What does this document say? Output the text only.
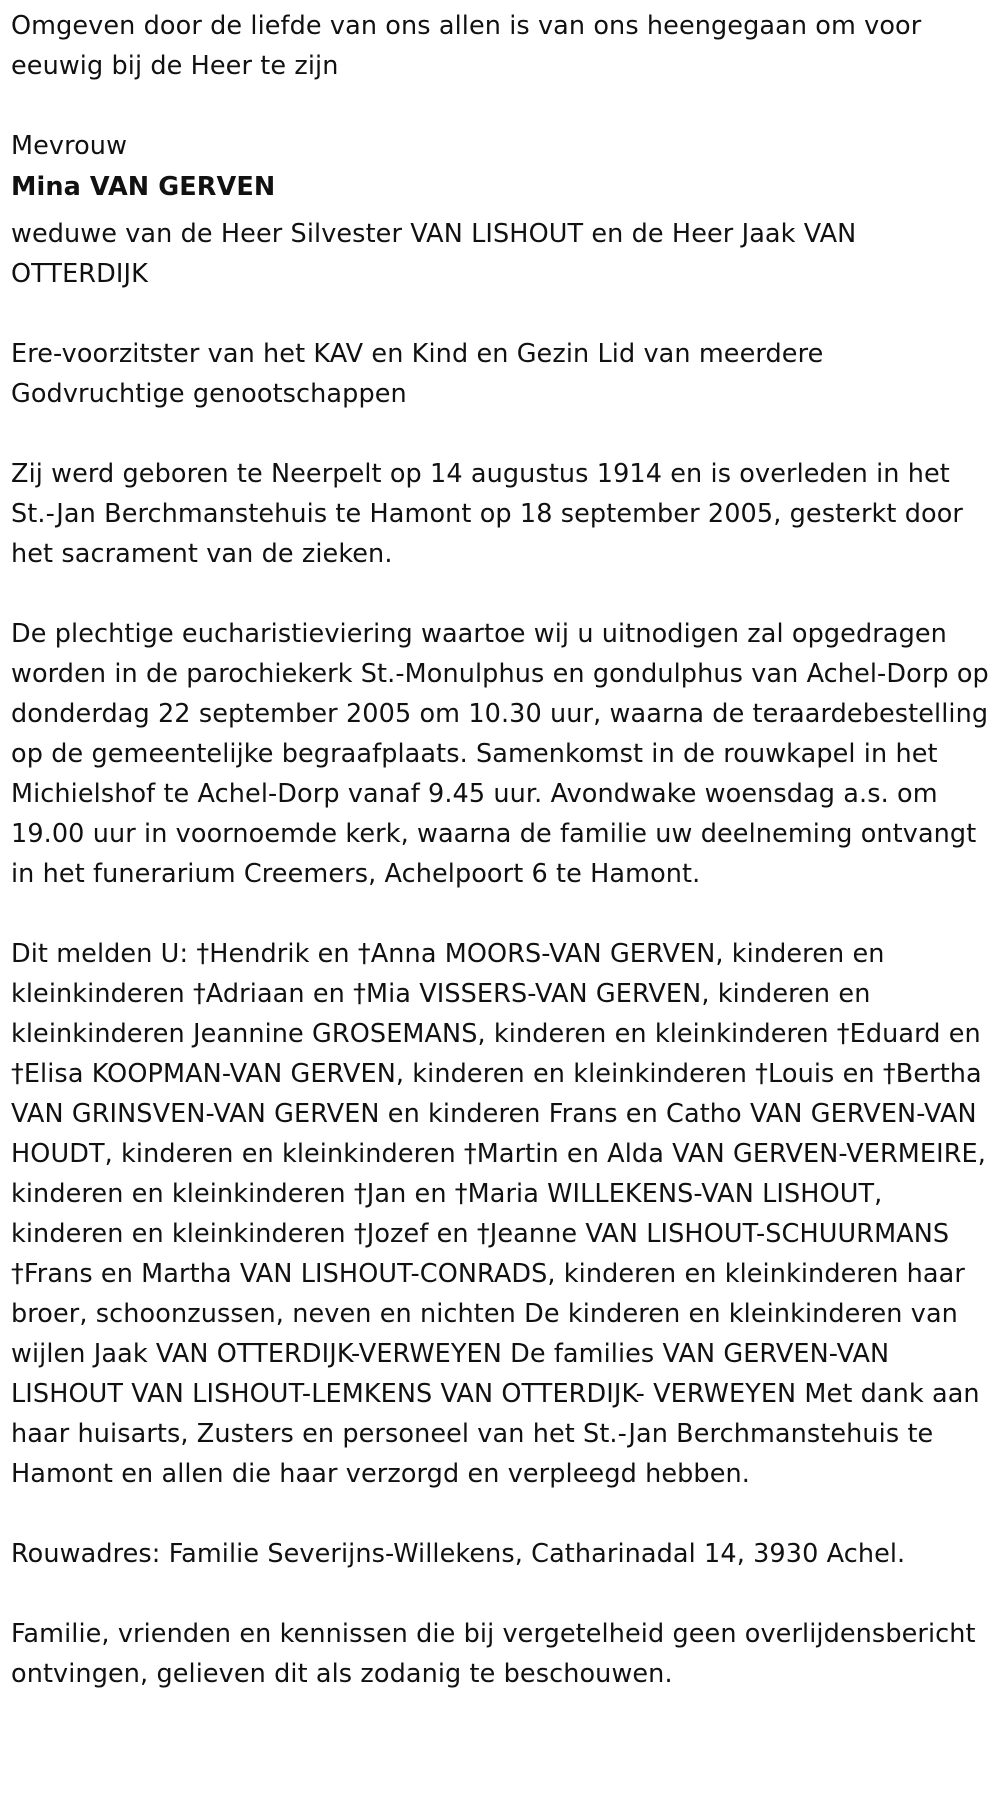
Omgeven door de liefde van ons allen is van ons heengegaan om voor eeuwig bij de Heer te zijn

Mevrouw

Mina VAN GERVEN

weduwe van de Heer Silvester VAN LISHOUT en de Heer Jaak VAN OTTERDIJK

Ere-voorzitster van het KAV en Kind en Gezin Lid van meerdere Godvruchtige genootschappen

Zij werd geboren te Neerpelt op 14 augustus 1914 en is overleden in het St.-Jan Berchmanstehuis te Hamont op 18 september 2005, gesterkt door het sacrament van de zieken.

De plechtige eucharistieviering waartoe wij u uitnodigen zal opgedragen worden in de parochiekerk St.-Monulphus en gondulphus van Achel-Dorp op donderdag 22 september 2005 om 10.30 uur, waarna de teraardebestelling op de gemeentelijke begraafplaats. Samenkomst in de rouwkapel in het Michielshof te Achel-Dorp vanaf 9.45 uur. Avondwake woensdag a.s. om 19.00 uur in voornoemde kerk, waarna de familie uw deelneming ontvangt in het funerarium Creemers, Achelpoort 6 te Hamont.

Dit melden U: †Hendrik en †Anna MOORS-VAN GERVEN, kinderen en kleinkinderen †Adriaan en †Mia VISSERS-VAN GERVEN, kinderen en kleinkinderen Jeannine GROSEMANS, kinderen en kleinkinderen †Eduard en †Elisa KOOPMAN-VAN GERVEN, kinderen en kleinkinderen †Louis en †Bertha VAN GRINSVEN-VAN GERVEN en kinderen Frans en Catho VAN GERVEN-VAN HOUDT, kinderen en kleinkinderen †Martin en Alda VAN GERVEN-VERMEIRE, kinderen en kleinkinderen †Jan en †Maria WILLEKENS-VAN LISHOUT, kinderen en kleinkinderen †Jozef en †Jeanne VAN LISHOUT-SCHUURMANS †Frans en Martha VAN LISHOUT-CONRADS, kinderen en kleinkinderen haar broer, schoonzussen, neven en nichten De kinderen en kleinkinderen van wijlen Jaak VAN OTTERDIJK-VERWEYEN De families VAN GERVEN-VAN LISHOUT VAN LISHOUT-LEMKENS VAN OTTERDIJK- VERWEYEN Met dank aan haar huisarts, Zusters en personeel van het St.-Jan Berchmanstehuis te Hamont en allen die haar verzorgd en verpleegd hebben.

Rouwadres: Familie Severijns-Willekens, Catharinadal 14, 3930 Achel.

Familie, vrienden en kennissen die bij vergetelheid geen overlijdensbericht ontvingen, gelieven dit als zodanig te beschouwen.
